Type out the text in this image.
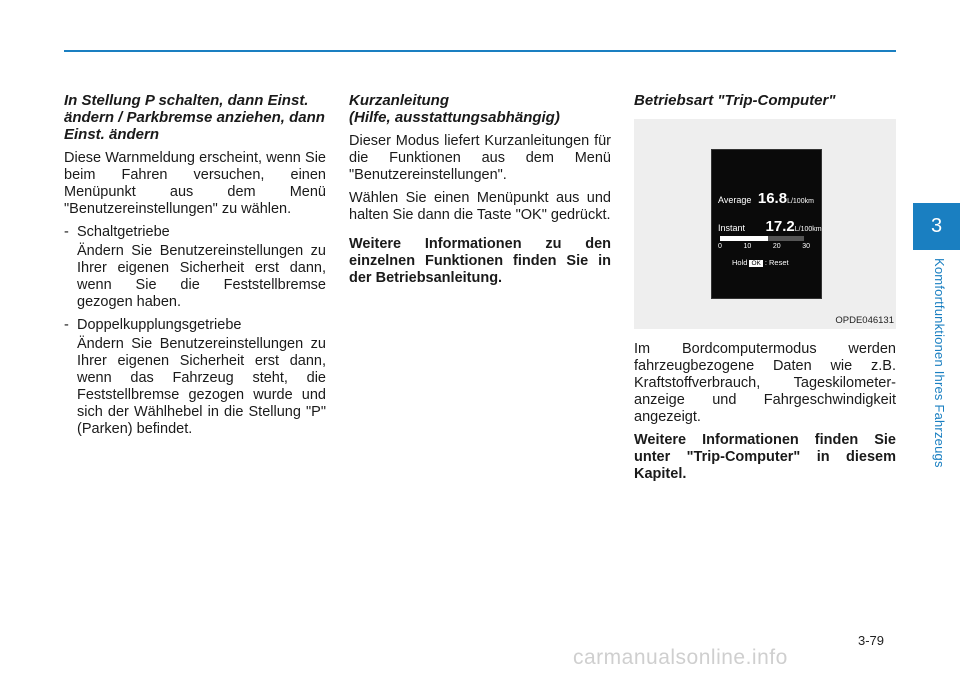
In Stellung P schalten, dann Einst. ändern / Parkbremse anziehen, dann Einst. ändern

Diese Warnmeldung erscheint, wenn Sie beim Fahren versuchen, einen Menüpunkt aus dem Menü "Benutzereinstellungen" zu wählen.

- Schaltgetriebe

Ändern Sie Benutzereinstellungen zu Ihrer eigenen Sicherheit erst dann, wenn Sie die Feststellbremse gezogen haben.

- Doppelkupplungsgetriebe

Ändern Sie Benutzereinstellungen zu Ihrer eigenen Sicherheit erst dann, wenn das Fahrzeug steht, die Feststellbremse gezogen wurde und sich der Wählhebel in die Stellung "P" (Parken) befindet.

Kurzanleitung
(Hilfe, ausstattungsabhängig)

Dieser Modus liefert Kurzanleitungen für die Funktionen aus dem Menü "Benutzereinstellungen".

Wählen Sie einen Menüpunkt aus und halten Sie dann die Taste "OK" gedrückt.

Weitere Informationen zu den einzelnen Funktionen finden Sie in der Betriebsanleitung.

Betriebsart "Trip-Computer"
Average 16.8L/100km
Instant 17.2L/100km
0	10	20	30
Hold OK : Reset
OPDE046131

Im Bordcomputermodus werden fahrzeugbezogene Daten wie z.B. Kraftstoffverbrauch, Tageskilometer-anzeige und Fahrgeschwindigkeit angezeigt.

Weitere Informationen finden Sie unter "Trip-Computer" in diesem Kapitel.

3
Komfortfunktionen Ihres Fahrzeugs
3-79
carmanualsonline.info
